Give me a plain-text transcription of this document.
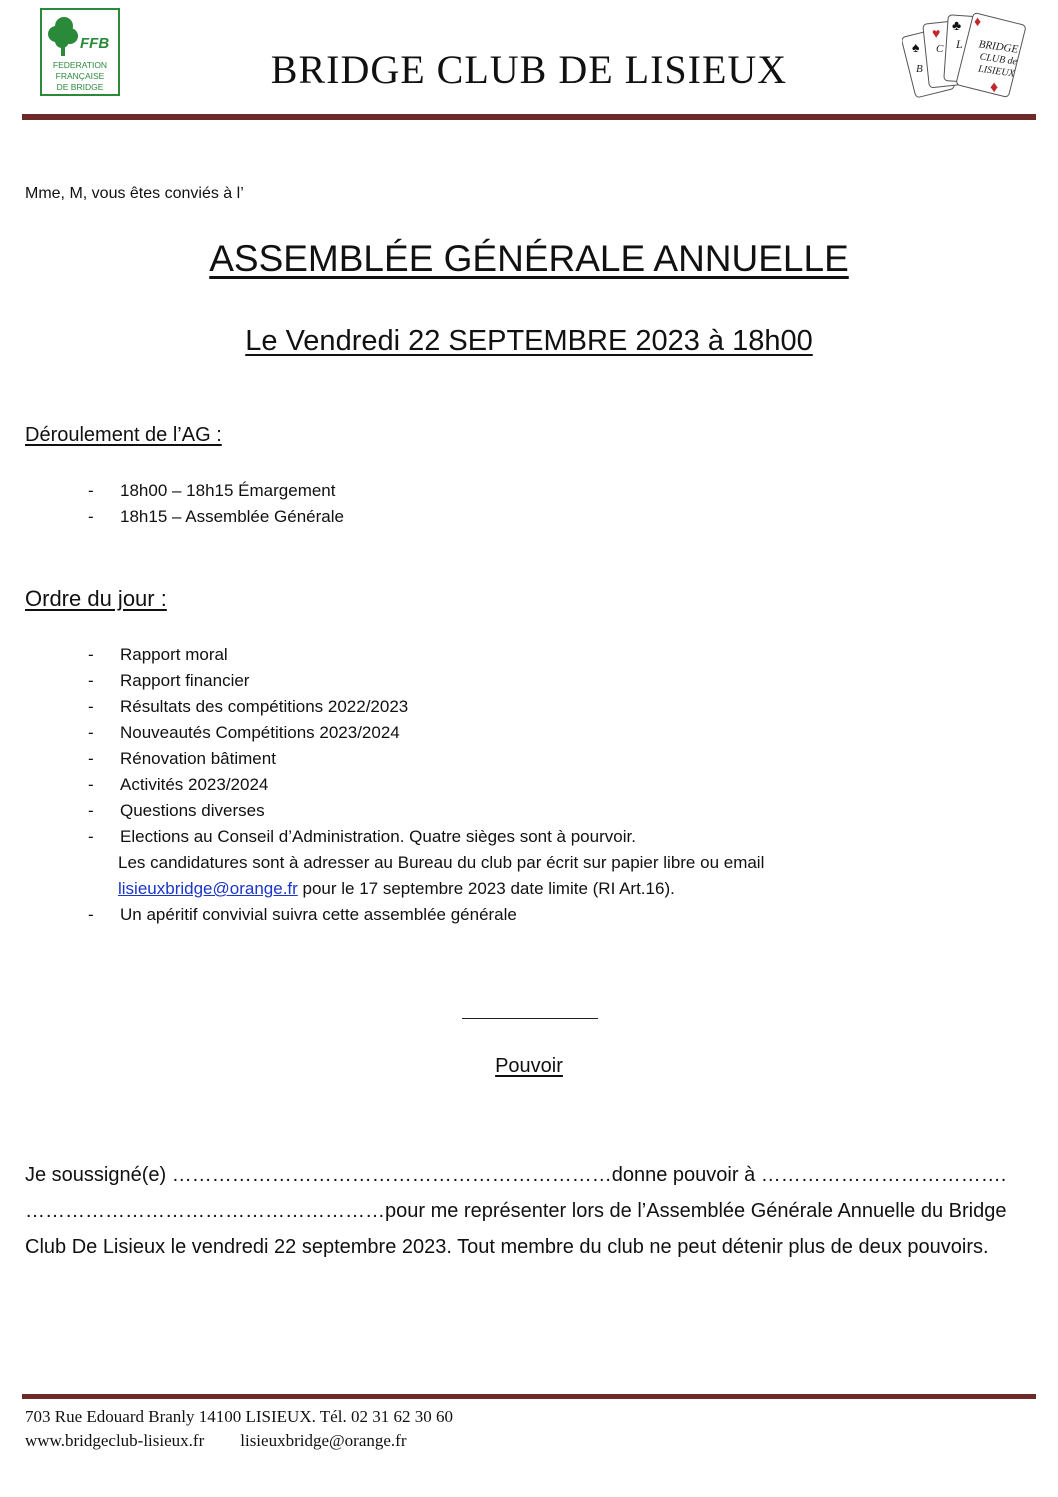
FFB
FEDERATION
FRANÇAISE
DE BRIDGE	BRIDGE CLUB DE LISIEUX	♠
♥ ♣ ♦
♦
B
C L BRIDGE
CLUB de
LISIEUX
Mme, M, vous êtes conviés à l’
ASSEMBLÉE GÉNÉRALE ANNUELLE
Le Vendredi 22 SEPTEMBRE 2023 à 18h00
Déroulement de l’AG :
- 18h00 – 18h15 Émargement
- 18h15 – Assemblée Générale
Ordre du jour :
- Rapport moral
- Rapport financier
- Résultats des compétitions 2022/2023
- Nouveautés Compétitions 2023/2024
- Rénovation bâtiment
- Activités 2023/2024
- Questions diverses
- Elections au Conseil d’Administration. Quatre sièges sont à pourvoir.
Les candidatures sont à adresser au Bureau du club par écrit sur papier libre ou email
lisieuxbridge@orange.fr pour le 17 septembre 2023 date limite (RI Art.16).
- Un apéritif convivial suivra cette assemblée générale
Pouvoir

Je soussigné(e) …………………………………………………………donne pouvoir à ………………………………. ………………………………………………pour me représenter lors de l’Assemblée Générale Annuelle du Bridge Club De Lisieux le vendredi 22 septembre 2023. Tout membre du club ne peut détenir plus de deux pouvoirs.

703 Rue Edouard Branly 14100 LISIEUX. Tél. 02 31 62 30 60
www.bridgeclub-lisieux.fr lisieuxbridge@orange.fr
